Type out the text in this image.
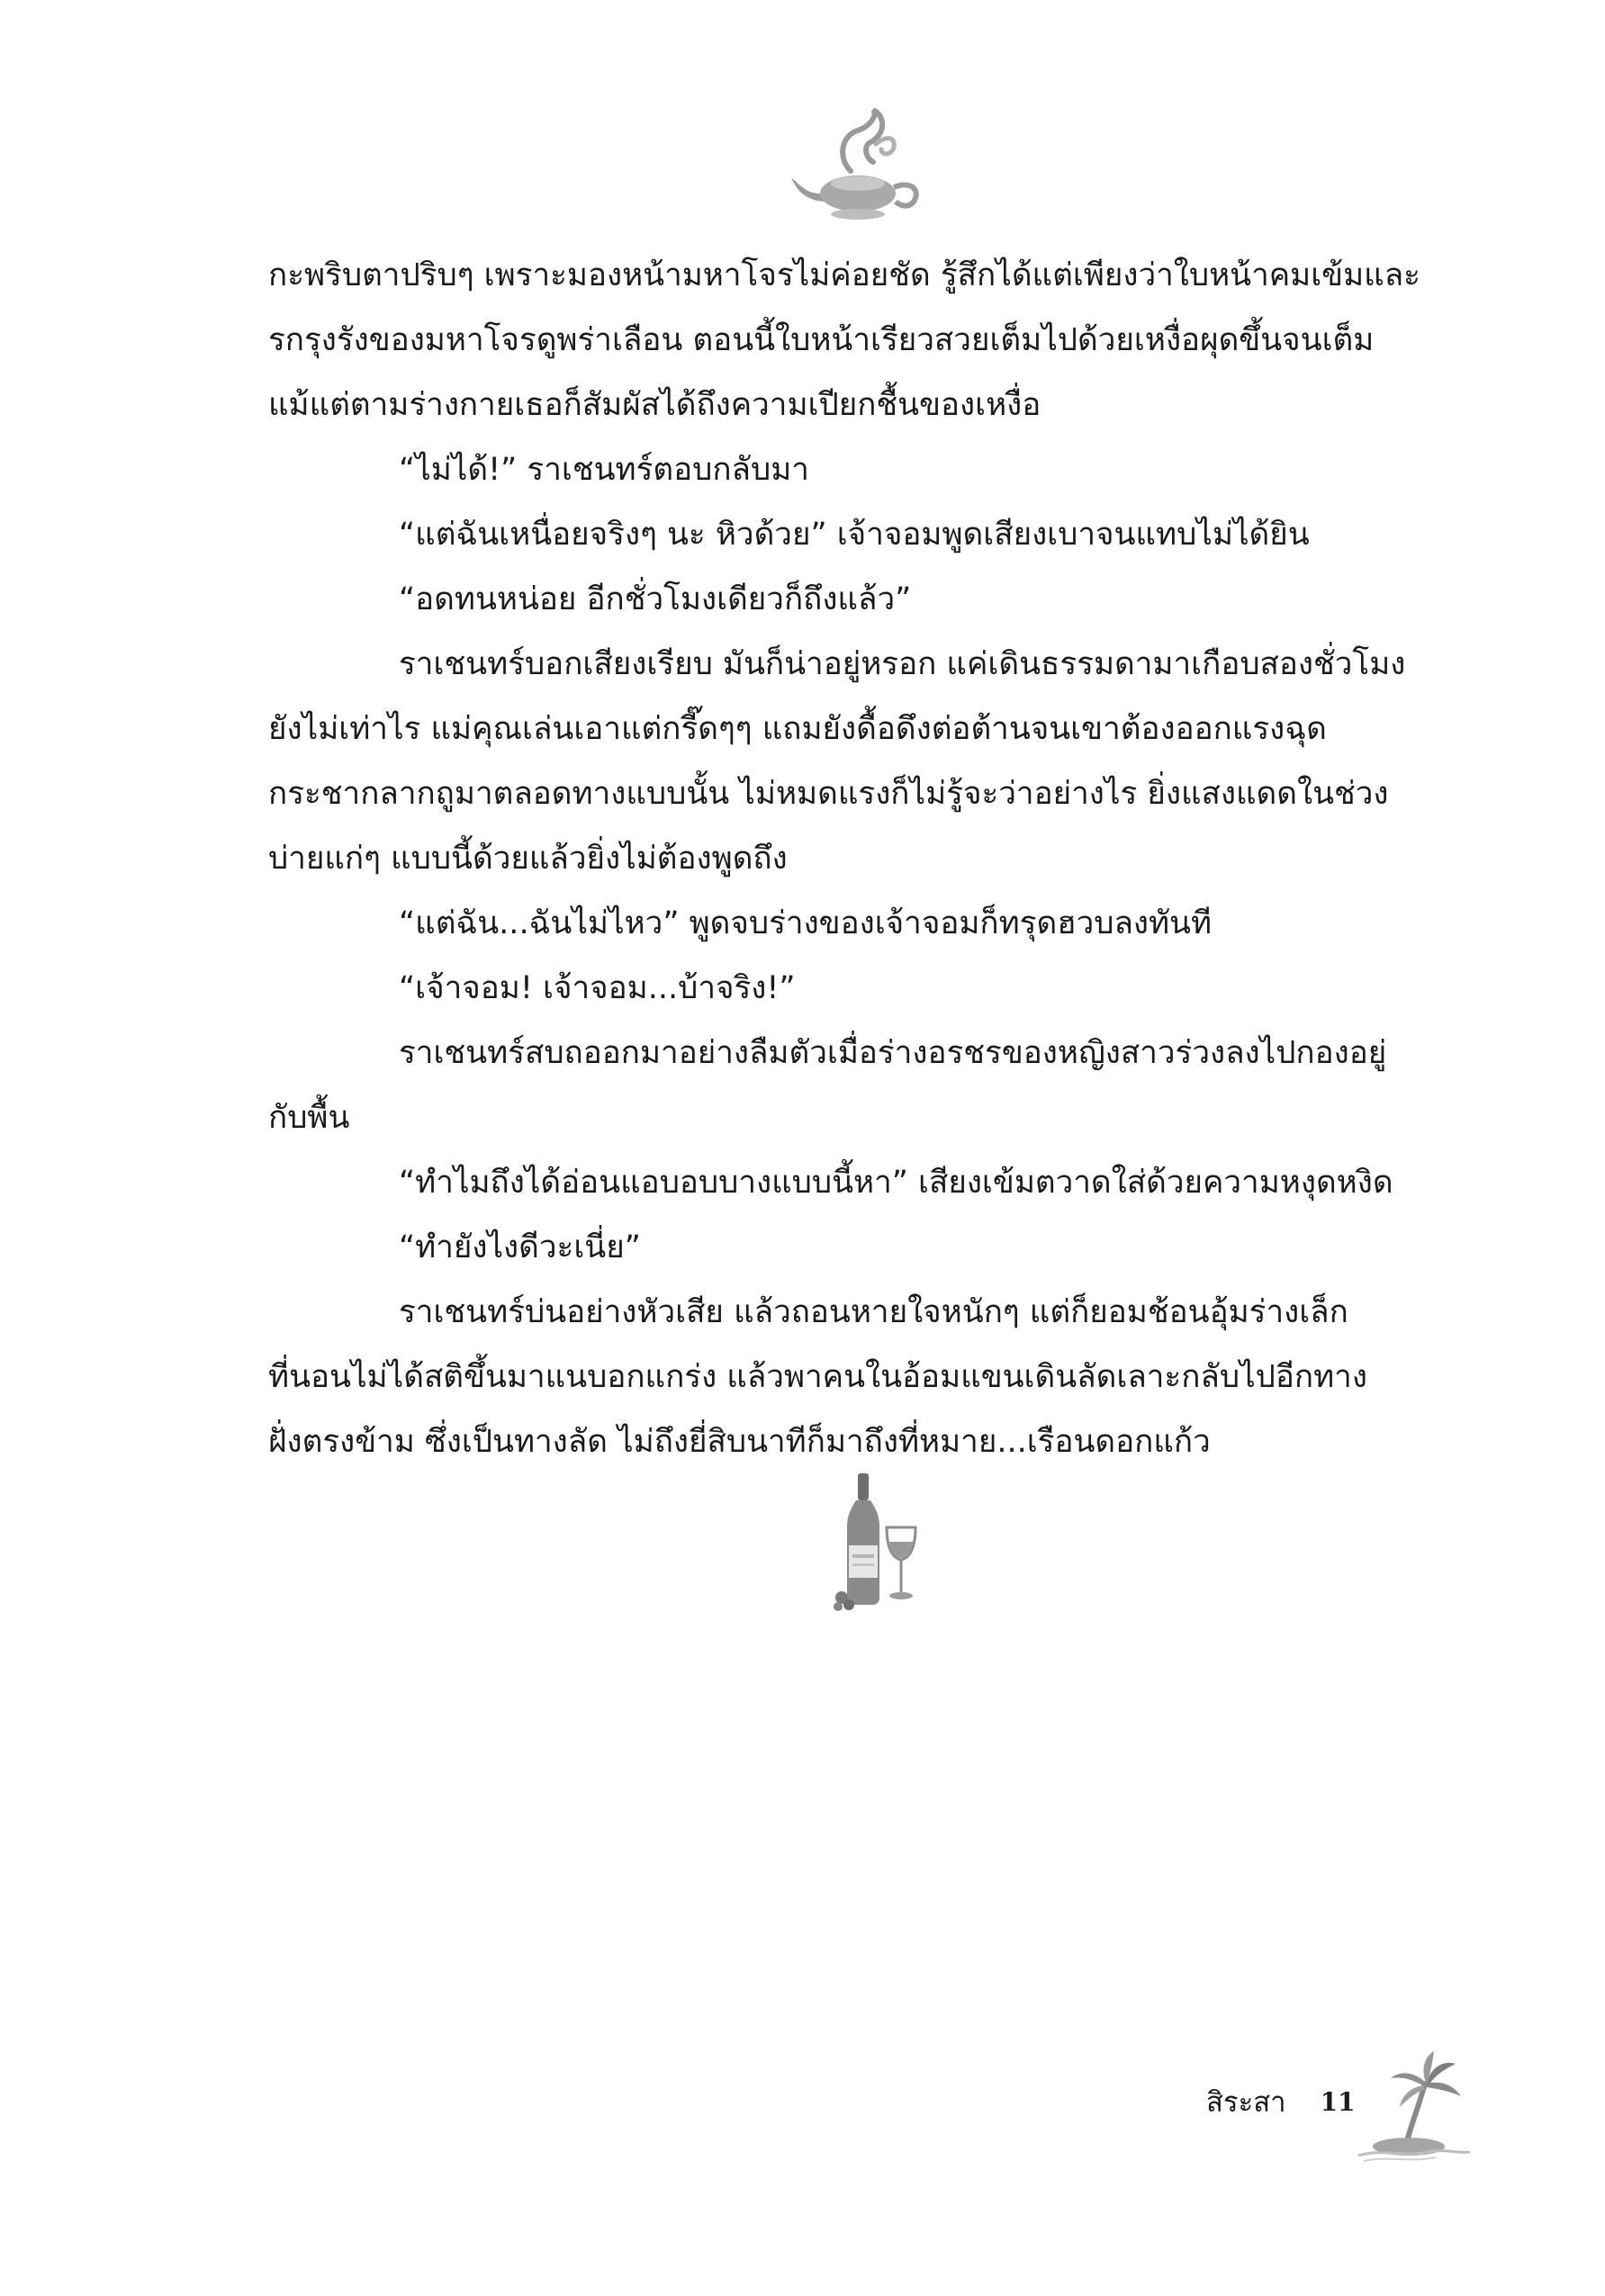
กะพริบตาปริบๆ เพราะมองหน้ามหาโจรไม่ค่อยชัด รู้สึกได้แต่เพียงว่าใบหน้าคมเข้มและ
รกรุงรังของมหาโจรดูพร่าเลือน ตอนนี้ใบหน้าเรียวสวยเต็มไปด้วยเหงื่อผุดขึ้นจนเต็ม
แม้แต่ตามร่างกายเธอก็สัมผัสได้ถึงความเปียกชื้นของเหงื่อ
“ไม่ได้!” ราเชนทร์ตอบกลับมา
“แต่ฉันเหนื่อยจริงๆ นะ หิวด้วย” เจ้าจอมพูดเสียงเบาจนแทบไม่ได้ยิน
“อดทนหน่อย อีกชั่วโมงเดียวก็ถึงแล้ว”
ราเชนทร์บอกเสียงเรียบ มันก็น่าอยู่หรอก แค่เดินธรรมดามาเกือบสองชั่วโมง
ยังไม่เท่าไร แม่คุณเล่นเอาแต่กรี๊ดๆๆ แถมยังดื้อดึงต่อต้านจนเขาต้องออกแรงฉุด
กระชากลากถูมาตลอดทางแบบนั้น ไม่หมดแรงก็ไม่รู้จะว่าอย่างไร ยิ่งแสงแดดในช่วง
บ่ายแก่ๆ แบบนี้ด้วยแล้วยิ่งไม่ต้องพูดถึง
“แต่ฉัน...ฉันไม่ไหว” พูดจบร่างของเจ้าจอมก็ทรุดฮวบลงทันที
“เจ้าจอม! เจ้าจอม...บ้าจริง!”
ราเชนทร์สบถออกมาอย่างลืมตัวเมื่อร่างอรชรของหญิงสาวร่วงลงไปกองอยู่
กับพื้น
“ทำไมถึงได้อ่อนแอบอบบางแบบนี้หา” เสียงเข้มตวาดใส่ด้วยความหงุดหงิด
“ทำยังไงดีวะเนี่ย”
ราเชนทร์บ่นอย่างหัวเสีย แล้วถอนหายใจหนักๆ แต่ก็ยอมช้อนอุ้มร่างเล็ก
ที่นอนไม่ได้สติขึ้นมาแนบอกแกร่ง แล้วพาคนในอ้อมแขนเดินลัดเลาะกลับไปอีกทาง
ฝั่งตรงข้าม ซึ่งเป็นทางลัด ไม่ถึงยี่สิบนาทีก็มาถึงที่หมาย...เรือนดอกแก้ว
สิระสา 11
